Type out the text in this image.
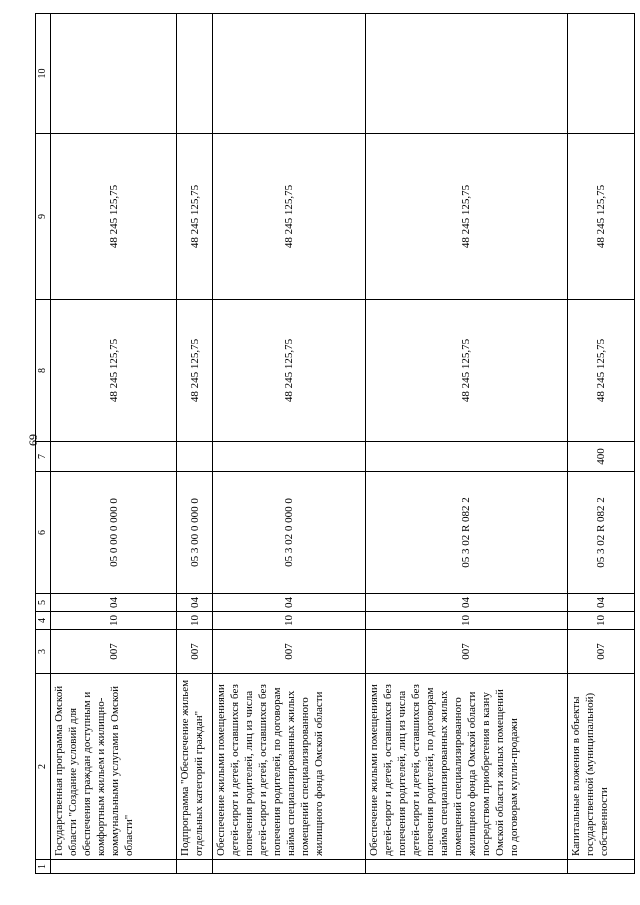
69
1	2	3	4	5	6	7	8	9	10
	Государственная программа Омской области "Создание условий для обеспечения граждан доступным и комфортным жильем и жилищно-коммунальными услугами в Омской области"	007	10	04	05 0 00 0 000 0		48 245 125,75	48 245 125,75	
	Подпрограмма "Обеспечение жильем отдельных категорий граждан"	007	10	04	05 3 00 0 000 0		48 245 125,75	48 245 125,75	
	Обеспечение жилыми помещениями детей-сирот и детей, оставшихся без попечения родителей, лиц из числа детей-сирот и детей, оставшихся без попечения родителей, по договорам найма специализированных жилых помещений специализированного жилищного фонда Омской области	007	10	04	05 3 02 0 000 0		48 245 125,75	48 245 125,75	
	Обеспечение жилыми помещениями детей-сирот и детей, оставшихся без попечения родителей, лиц из числа детей-сирот и детей, оставшихся без попечения родителей, по договорам найма специализированных жилых помещений специализированного жилищного фонда Омской области посредством приобретения в казну Омской области жилых помещений по договорам купли-продажи	007	10	04	05 3 02 R 082 2		48 245 125,75	48 245 125,75	
	Капитальные вложения в объекты государственной (муниципальной) собственности	007	10	04	05 3 02 R 082 2	400	48 245 125,75	48 245 125,75	
